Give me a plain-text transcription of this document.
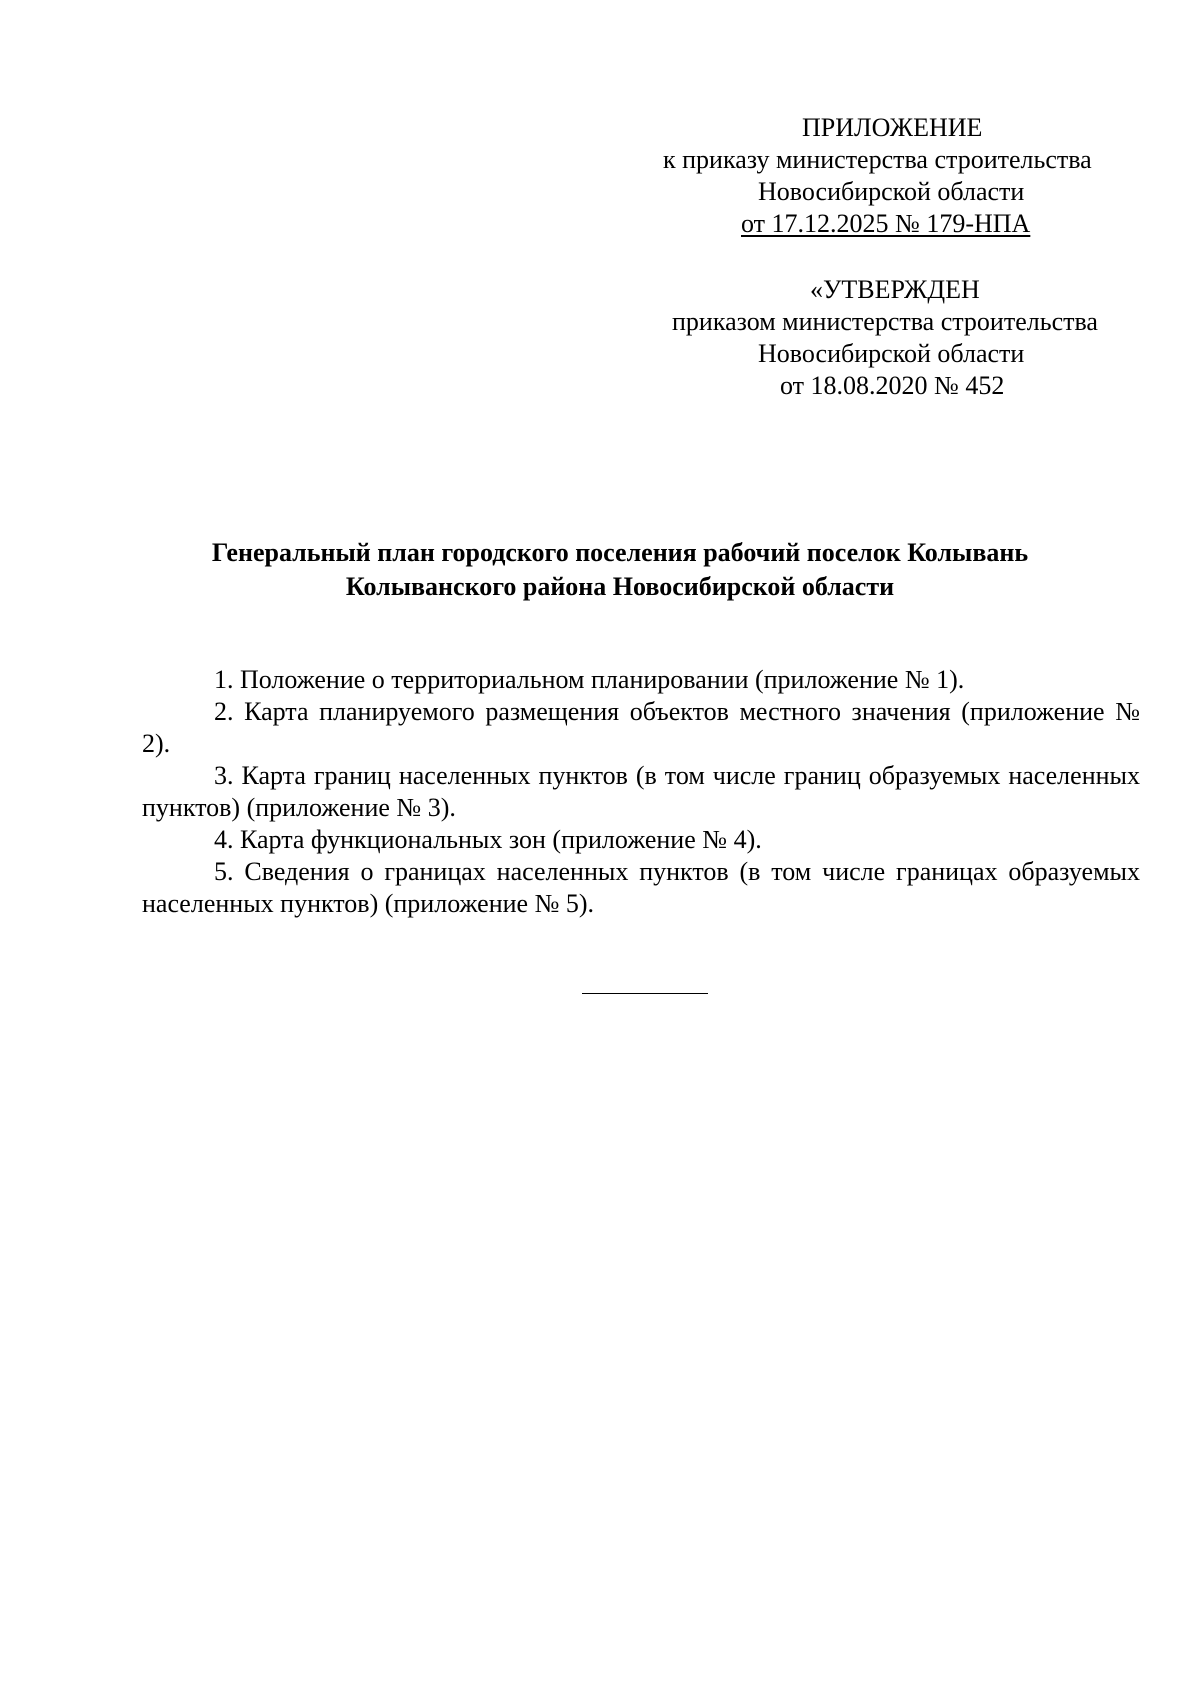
ПРИЛОЖЕНИЕ
к приказу министерства строительства
Новосибирской области
от 17.12.2025 № 179-НПА
«УТВЕРЖДЕН
приказом министерства строительства
Новосибирской области
от 18.08.2020 № 452
Генеральный план городского поселения рабочий поселок Колывань
Колыванского района Новосибирской области

1. Положение о территориальном планировании (приложение № 1).

2. Карта планируемого размещения объектов местного значения (приложение № 2).

3. Карта границ населенных пунктов (в том числе границ образуемых населенных пунктов) (приложение № 3).

4. Карта функциональных зон (приложение № 4).

5. Сведения о границах населенных пунктов (в том числе границах образуемых населенных пунктов) (приложение № 5).
